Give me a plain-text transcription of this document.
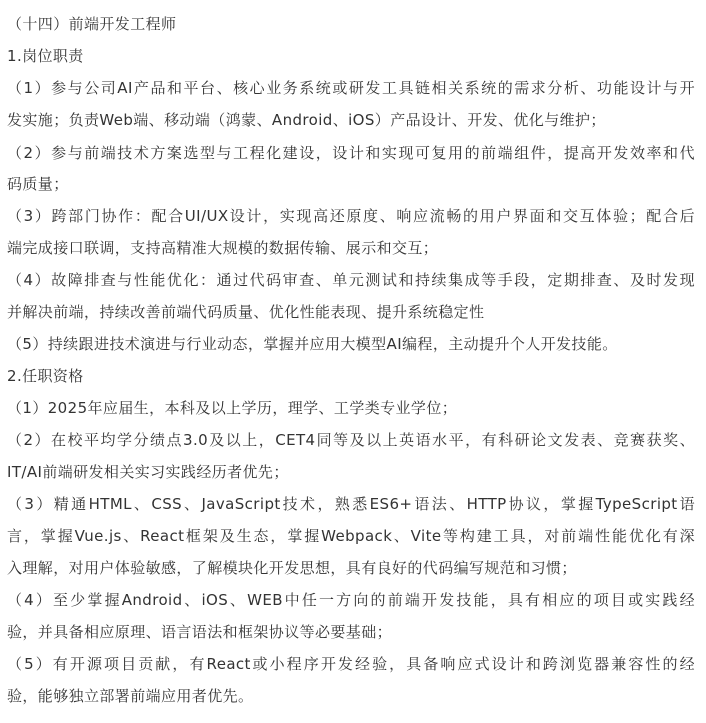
（十四）前端开发工程师
1.岗位职责
（1）参与公司AI产品和平台、核心业务系统或研发工具链相关系统的需求分析、功能设计与开
发实施；负责Web端、移动端（鸿蒙、Android、iOS）产品设计、开发、优化与维护；
（2）参与前端技术方案选型与工程化建设，设计和实现可复用的前端组件，提高开发效率和代
码质量；
（3）跨部门协作：配合UI/UX设计，实现高还原度、响应流畅的用户界面和交互体验；配合后
端完成接口联调，支持高精准大规模的数据传输、展示和交互；
（4）故障排查与性能优化：通过代码审查、单元测试和持续集成等手段，定期排查、及时发现
并解决前端，持续改善前端代码质量、优化性能表现、提升系统稳定性
（5）持续跟进技术演进与行业动态，掌握并应用大模型AI编程，主动提升个人开发技能。
2.任职资格
（1）2025年应届生，本科及以上学历，理学、工学类专业学位；
（2）在校平均学分绩点3.0及以上，CET4同等及以上英语水平，有科研论文发表、竞赛获奖、
IT/AI前端研发相关实习实践经历者优先；
（3）精通HTML、CSS、JavaScript技术，熟悉ES6+语法、HTTP协议，掌握TypeScript语
言，掌握Vue.js、React框架及生态，掌握Webpack、Vite等构建工具，对前端性能优化有深
入理解，对用户体验敏感，了解模块化开发思想，具有良好的代码编写规范和习惯；
（4）至少掌握Android、iOS、WEB中任一方向的前端开发技能，具有相应的项目或实践经
验，并具备相应原理、语言语法和框架协议等必要基础；
（5）有开源项目贡献，有React或小程序开发经验，具备响应式设计和跨浏览器兼容性的经
验，能够独立部署前端应用者优先。
